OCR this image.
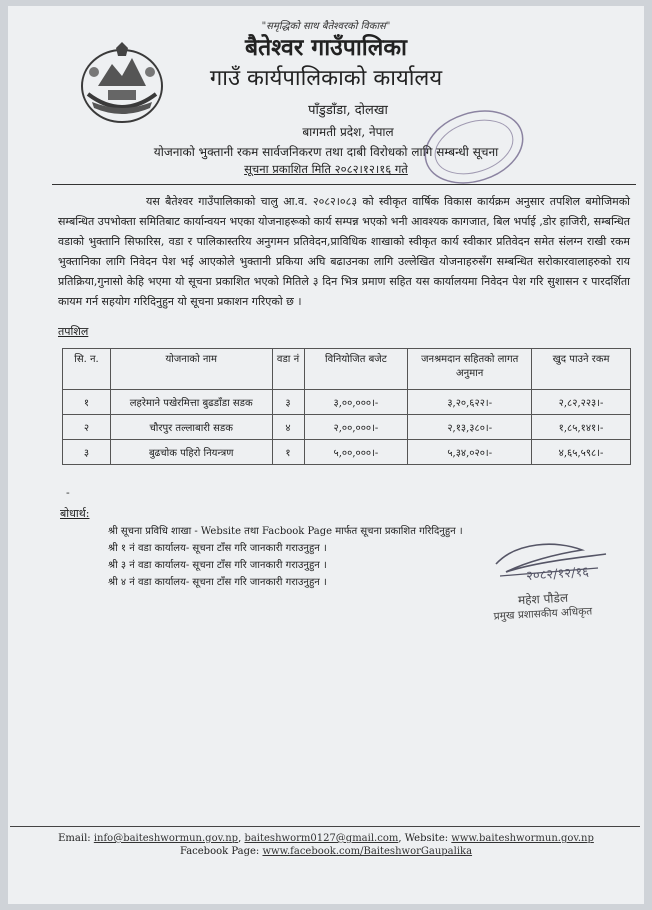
"समृद्धिको साथ बैतेश्वरको विकास"
बैतेश्वर गाउँपालिका
गाउँ कार्यपालिकाको कार्यालय
पाँडुडाँडा, दोलखा
बागमती प्रदेश, नेपाल
योजनाको भुक्तानी रकम सार्वजनिकरण तथा दाबी विरोधको लागि सम्बन्धी सूचना
सूचना प्रकाशित मिति २०८२।१२।१६ गते
यस बैतेश्वर गाउँपालिकाको चालु आ.व. २०८२।०८३ को स्वीकृत वार्षिक विकास कार्यक्रम अनुसार तपशिल बमोजिमको सम्बन्धित उपभोक्ता समितिबाट कार्यान्वयन भएका योजनाहरूको कार्य सम्पन्न भएको भनी आवश्यक कागजात, बिल भर्पाई ,डोर हाजिरी, सम्बन्धित वडाको भुक्तानि सिफारिस, वडा र पालिकास्तरिय अनुगमन प्रतिवेदन,प्राविधिक शाखाको स्वीकृत कार्य स्वीकार प्रतिवेदन समेत संलग्न राखी रकम भुक्तानिका लागि निवेदन पेश भई आएकोले भुक्तानी प्रकिया अघि बढाउनका लागि उल्लेखित योजनाहरुसँग सम्बन्धित सरोकारवालाहरुको राय प्रतिक्रिया,गुनासो केहि भएमा यो सूचना प्रकाशित भएको मितिले ३ दिन भित्र प्रमाण सहित यस कार्यालयमा निवेदन पेश गरि सुशासन र पारदर्शिता कायम गर्न सहयोग गरिदिनुहुन यो सूचना प्रकाशन गरिएको छ ।
तपशिल
सि. न.	योजनाको नाम	वडा नं	विनियोजित बजेट	जनश्रमदान सहितको लागत अनुमान	खुद पाउने रकम
१	लहरेमाने पखेरमित्ता बुढडाँडा सडक	३	३,००,०००।-	३,२०,६२२।-	२,८२,२२३।-
२	चौरपुर तल्लाबारी सडक	४	२,००,०००।-	२,१३,३८०।-	१,८५,१४१।-
३	बुढचोक पहिरो नियन्त्रण	१	५,००,०००।-	५,३४,०२०।-	४,६५,५९८।-
-
बोधार्थ:
श्री सूचना प्रविधि शाखा - Website तथा Facbook Page मार्फत सूचना प्रकाशित गरिदिनुहुन ।
श्री १ नं वडा कार्यालय- सूचना टाँस गरि जानकारी गराउनुहुन ।
श्री ३ नं वडा कार्यालय- सूचना टाँस गरि जानकारी गराउनुहुन ।
श्री ४ नं वडा कार्यालय- सूचना टाँस गरि जानकारी गराउनुहुन ।	२०८२/१२/१६
महेश पौडेल
प्रमुख प्रशासकीय अधिकृत
Email: info@baiteshwormun.gov.np, baiteshworm0127@gmail.com, Website: www.baiteshwormun.gov.np
Facebook Page: www.facebook.com/BaiteshworGaupalika
